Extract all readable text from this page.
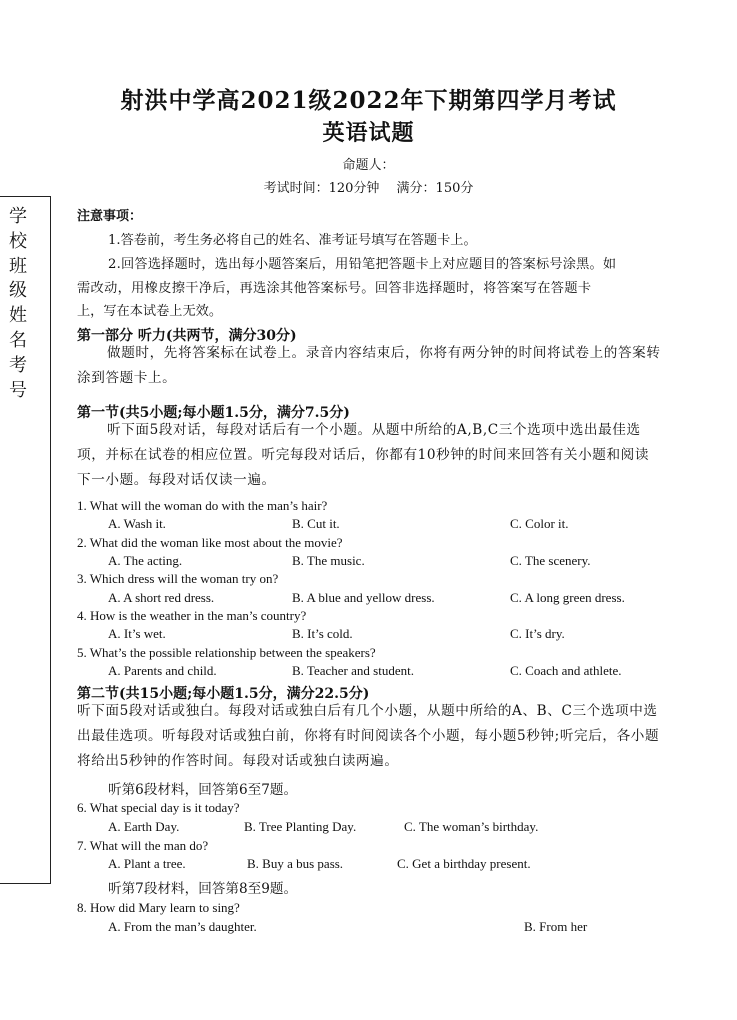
射洪中学高2021级2022年下期第四学月考试
英语试题
命题人：
考试时间：120分钟　 满分：150分
学校班级姓名考号
注意事项：
1.答卷前，考生务必将自己的姓名、准考证号填写在答题卡上。
2.回答选择题时，选出每小题答案后，用铅笔把答题卡上对应题目的答案标号涂黑。如
需改动，用橡皮擦干净后，再选涂其他答案标号。回答非选择题时，将答案写在答题卡
上，写在本试卷上无效。
第一部分 听力(共两节，满分30分)
做题时，先将答案标在试卷上。录音内容结束后，你将有两分钟的时间将试卷上的答案转涂到答题卡上。
第一节(共5小题;每小题1.5分，满分7.5分)
听下面5段对话，每段对话后有一个小题。从题中所给的A,B,C三个选项中选出最佳选项，并标在试卷的相应位置。听完每段对话后，你都有10秒钟的时间来回答有关小题和阅读下一小题。每段对话仅读一遍。
1. What will the woman do with the man’s hair?
A. Wash it.	B. Cut it.	C. Color it.
2. What did the woman like most about the movie?
A. The acting.	B. The music.	C. The scenery.
3. Which dress will the woman try on?
A. A short red dress.	B. A blue and yellow dress.	C. A long green dress.
4. How is the weather in the man’s country?
A. It’s wet.	B. It’s cold.	C. It’s dry.
5. What’s the possible relationship between the speakers?
A. Parents and child.	B. Teacher and student.	C. Coach and athlete.
第二节(共15小题;每小题1.5分，满分22.5分)
听下面5段对话或独白。每段对话或独白后有几个小题，从题中所给的A、B、C三个选项中选出最佳选项。听每段对话或独白前，你将有时间阅读各个小题，每小题5秒钟;听完后，各小题将给出5秒钟的作答时间。每段对话或独白读两遍。
听第6段材料，回答第6至7题。
6. What special day is it today?
A. Earth Day.	B. Tree Planting Day.	C. The woman’s birthday.
7. What will the man do?
A. Plant a tree.	B. Buy a bus pass.	C. Get a birthday present.
听第7段材料，回答第8至9题。
8. How did Mary learn to sing?
A. From the man’s daughter.	B. From her
